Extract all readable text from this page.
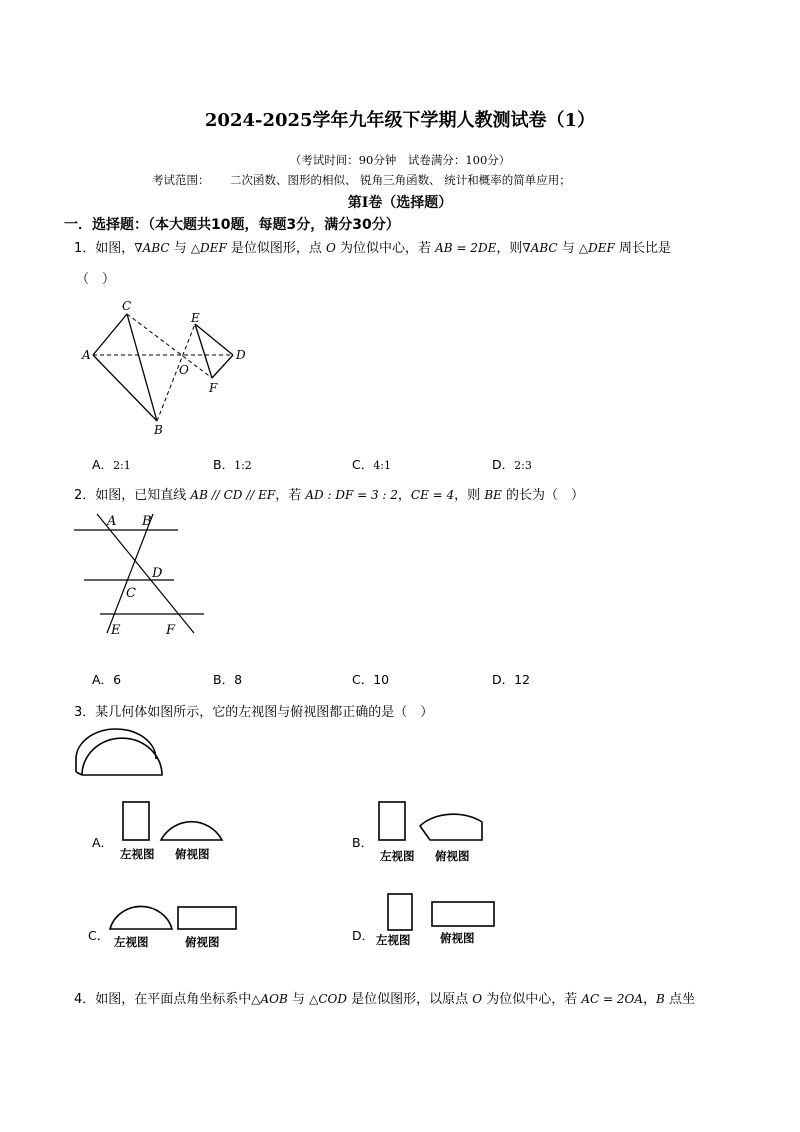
2024-2025学年九年级下学期人教测试卷（1）
（考试时间：90分钟　试卷满分：100分）
考试范围： 二次函数、图形的相似、 锐角三角函数、 统计和概率的简单应用；
第Ⅰ卷（选择题）
一．选择题：（本大题共10题，每题3分，满分30分）
1．如图，∇ABC 与 △DEF 是位似图形，点 O 为位似中心，若 AB = 2DE，则∇ABC 与 △DEF 周长比是
（　）
A
C
B
E
D
F
O
A．2:1	B．1:2	C．4:1	D．2:3
2．如图，已知直线 AB // CD // EF，若 AD : DF = 3 : 2，CE = 4，则 BE 的长为（　）
A B
D
C
E	F
A．6	B．8	C．10	D．12
3．某几何体如图所示，它的左视图与俯视图都正确的是（　）
A．
左视图 俯视图
B．
左视图 俯视图
C． 左视图	俯视图	D． 左视图	俯视图
4．如图，在平面点角坐标系中△AOB 与 △COD 是位似图形，以原点 O 为位似中心，若 AC = 2OA，B 点坐
